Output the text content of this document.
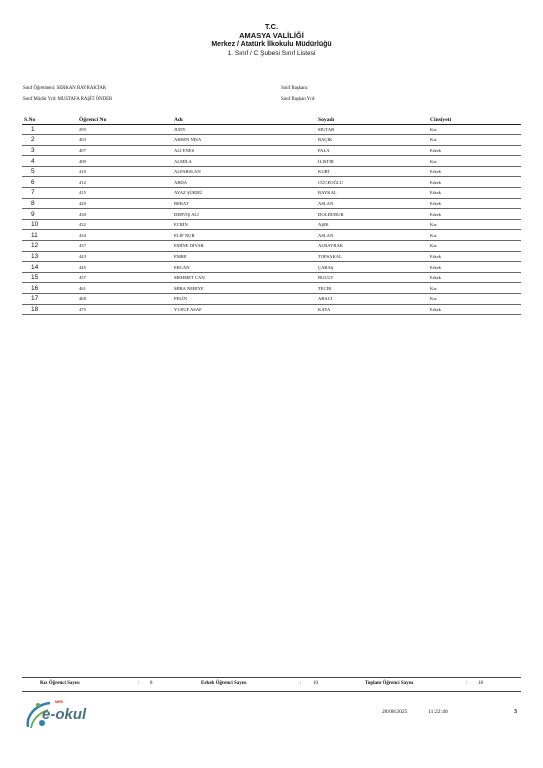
T.C.
AMASYA VALİLİĞİ
Merkez / Atatürk İlkokulu Müdürlüğü
1. Sınıf / C Şubesi Sınıf Listesi
Sınıf Öğretmeni: SERKAN BAYRAKTAR
Sınıf Müdür Yrd: MUSTAFA RAŞİT ÖNDER
Sınıf Başkanı:
Sınıf Başkan Yrd:
S.No	Öğrenci No	Adı	Soyadı	Cinsiyeti
1	295	JUDY	MUTAB	Kız
2	403	AHSEN NİSA	BAÇIK	Kız
3	407	ALİ ENES	PALA	Erkek
4	409	ALMİLA	İLİSTİR	Kız
5	410	ALPARSLAN	KURT	Erkek
6	412	ARDA	CÜCEOĞLU	Erkek
7	415	AYAZ ŞÜKRÜ	BAYKAL	Erkek
8	420	BERAT	ASLAN	Erkek
9	430	DERVİŞ ALİ	DOLDURUR	Erkek
10	432	ECRİN	AŞIK	Kız
11	434	ELİF NUR	ASLAN	Kız
12	437	EMİNE DİYAR	ALBAYRAK	Kız
13	443	EMRE	TOPSAKAL	Erkek
14	445	ERCAN	ÇABAŞ	Erkek
15	457	MEHMET CAN	BULUT	Erkek
16	461	MİRA NEBİYE	TECİR	Kız
17	468	PELİN	ARACI	Kız
18	475	YUSUF ASAF	KAYA	Erkek
Kız Öğrenci Sayısı	: 8	Erkek Öğrenci Sayısı	: 10	Toplam Öğrenci Sayısı	: 18
MEB
e-okul	28/08/2025	11:22:40	3
